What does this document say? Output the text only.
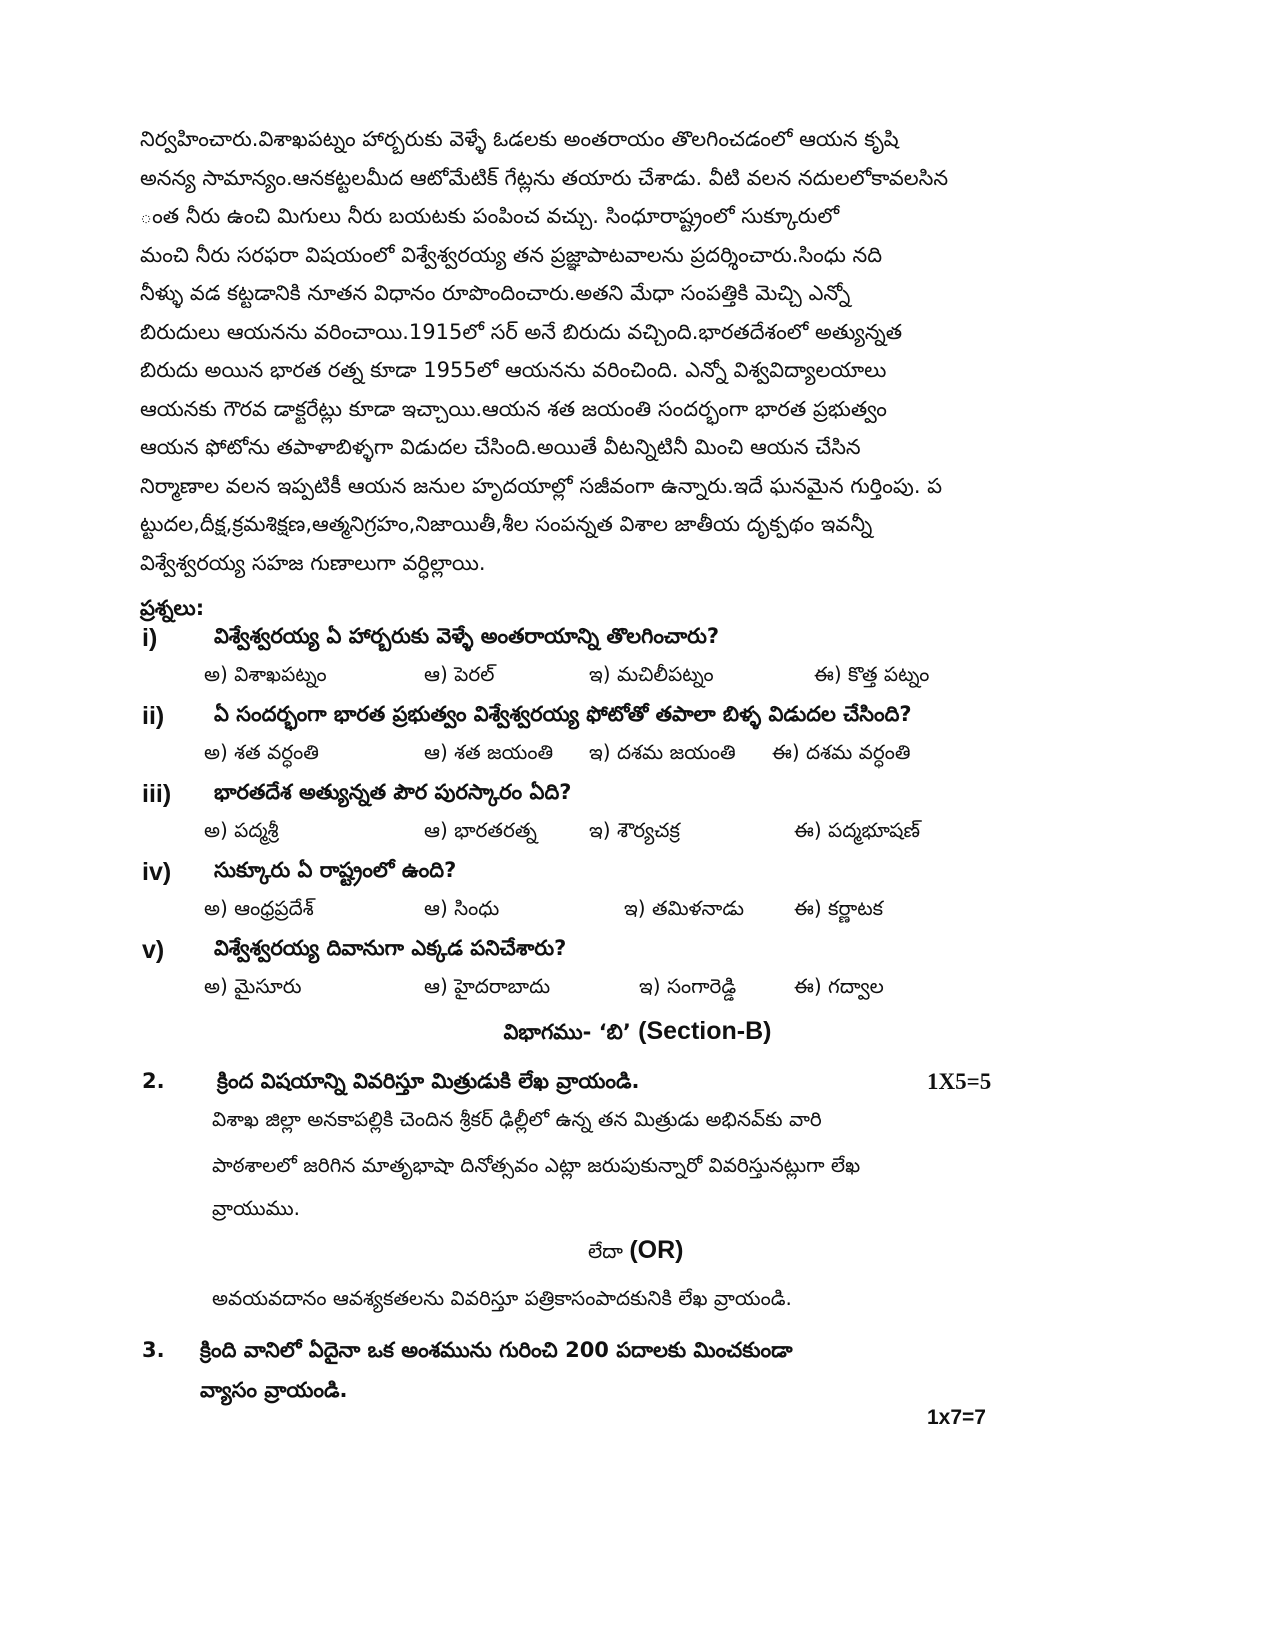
నిర్వహించారు.విశాఖపట్నం హార్బరుకు వెళ్ళే ఓడలకు అంతరాయం తొలగించడంలో ఆయన కృషి
అనన్య సామాన్యం.ఆనకట్టలమీద ఆటోమేటిక్ గేట్లను తయారు చేశాడు. వీటి వలన నదులలోకావలసిన
ంత నీరు ఉంచి మిగులు నీరు బయటకు పంపించ వచ్చు. సింధూరాష్ట్రంలో సుక్కూరులో
మంచి నీరు సరఫరా విషయంలో విశ్వేశ్వరయ్య తన ప్రజ్ఞాపాటవాలను ప్రదర్శించారు.సింధు నది
నీళ్ళు వడ కట్టడానికి నూతన విధానం రూపొందించారు.అతని మేధా సంపత్తికి మెచ్చి ఎన్నో
బిరుదులు ఆయనను వరించాయి.1915లో సర్ అనే బిరుదు వచ్చింది.భారతదేశంలో అత్యున్నత
బిరుదు అయిన భారత రత్న కూడా 1955లో ఆయనను వరించింది. ఎన్నో విశ్వవిద్యాలయాలు
ఆయనకు గౌరవ డాక్టరేట్లు కూడా ఇచ్చాయి.ఆయన శత జయంతి సందర్భంగా భారత ప్రభుత్వం
ఆయన ఫోటోను తపాళాబిళ్ళగా విడుదల చేసింది.అయితే వీటన్నిటినీ మించి ఆయన చేసిన
నిర్మాణాల వలన ఇప్పటికీ ఆయన జనుల హృదయాల్లో సజీవంగా ఉన్నారు.ఇదే ఘనమైన గుర్తింపు. ప
ట్టుదల,దీక్ష,క్రమశిక్షణ,ఆత్మనిగ్రహం,నిజాయితీ,శీల సంపన్నత విశాల జాతీయ దృక్పథం ఇవన్నీ
విశ్వేశ్వరయ్య సహజ గుణాలుగా వర్ధిల్లాయి.
ప్రశ్నలు:
i)	విశ్వేశ్వరయ్య ఏ హార్బరుకు వెళ్ళే అంతరాయాన్ని తొలగించారు?
అ) విశాఖపట్నం	ఆ) పెరల్	ఇ) మచిలీపట్నం	ఈ) కొత్త పట్నం
ii) ఏ సందర్భంగా భారత ప్రభుత్వం విశ్వేశ్వరయ్య ఫోటోతో తపాలా బిళ్ళ విడుదల చేసింది?
అ) శత వర్ధంతి	ఆ) శత జయంతి ఇ) దశమ జయంతి ఈ) దశమ వర్ధంతి
iii) భారతదేశ అత్యున్నత పౌర పురస్కారం ఏది?
అ) పద్మశ్రీ	ఆ) భారతరత్న	ఇ) శౌర్యచక్ర	ఈ) పద్మభూషణ్
iv) సుక్కూరు ఏ రాష్ట్రంలో ఉంది?
అ) ఆంధ్రప్రదేశ్	ఆ) సింధు	ఇ) తమిళనాడు ఈ) కర్ణాటక
v) విశ్వేశ్వరయ్య దివానుగా ఎక్కడ పనిచేశారు?
అ) మైసూరు	ఆ) హైదరాబాదు	ఇ) సంగారెడ్డి	ఈ) గద్వాల
విభాగము- ‘బి’ (Section-B)
2. క్రింద విషయాన్ని వివరిస్తూ మిత్రుడుకి లేఖ వ్రాయండి.	1X5=5
విశాఖ జిల్లా అనకాపల్లికి చెందిన శ్రీకర్ ఢిల్లీలో ఉన్న తన మిత్రుడు అభినవ్‌కు వారి
పాఠశాలలో జరిగిన మాతృభాషా దినోత్సవం ఎట్లా జరుపుకున్నారో వివరిస్తునట్లుగా లేఖ
వ్రాయుము.
లేదా (OR)
అవయవదానం ఆవశ్యకతలను వివరిస్తూ పత్రికాసంపాదకునికి లేఖ వ్రాయండి.
3. క్రింది వానిలో ఏదైనా ఒక అంశమును గురించి 200 పదాలకు మించకుండా
వ్యాసం వ్రాయండి.
1x7=7
